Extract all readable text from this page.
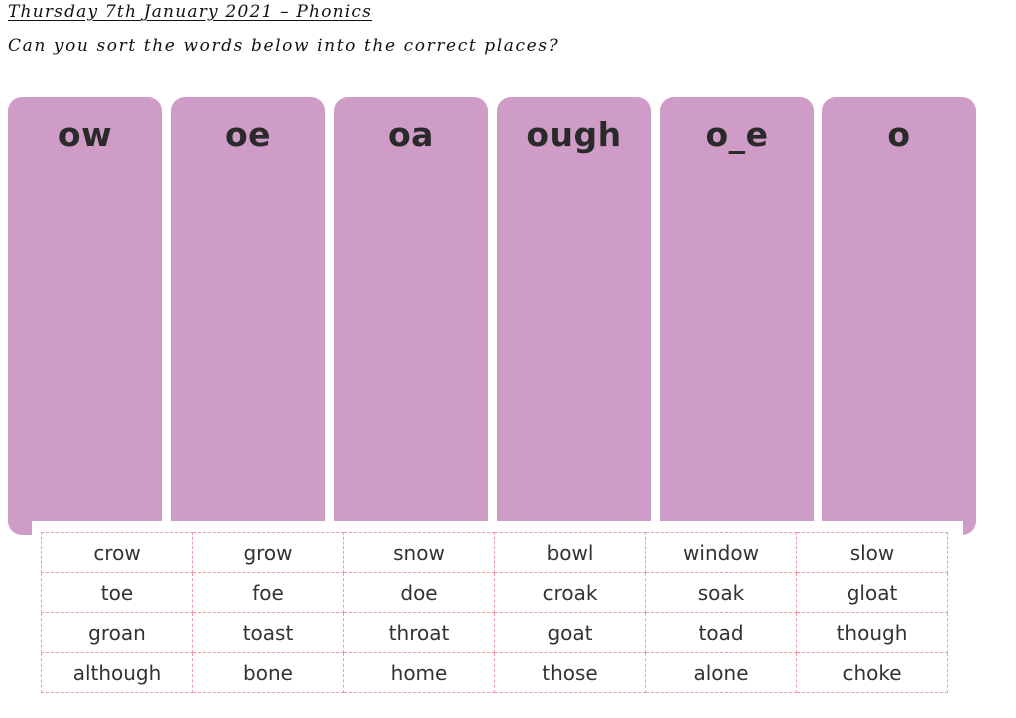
Thursday 7th January 2021 – Phonics
Can you sort the words below into the correct places?
ow	oe	oa	ough	o_e	o
crow	grow	snow	bowl	window	slow
toe	foe	doe	croak	soak	gloat
groan	toast	throat	goat	toad	though
although	bone	home	those	alone	choke
